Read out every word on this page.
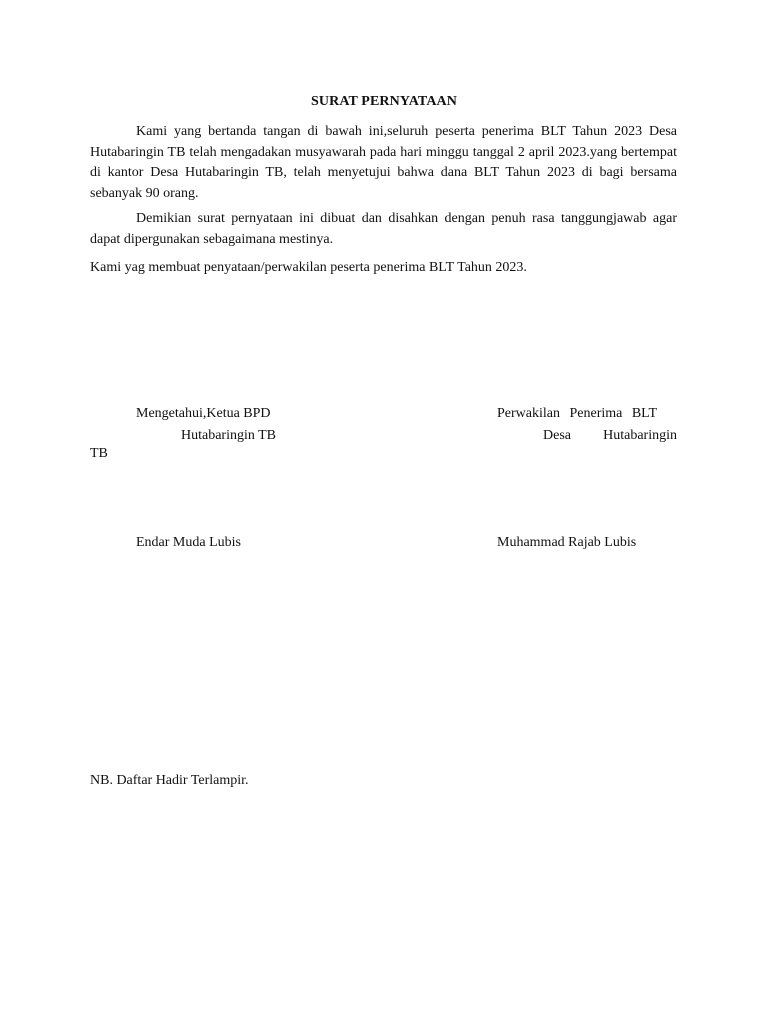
SURAT PERNYATAAN

Kami yang bertanda tangan di bawah ini,seluruh peserta penerima BLT Tahun 2023 Desa Hutabaringin TB telah mengadakan musyawarah pada hari minggu tanggal 2 april 2023.yang bertempat di kantor Desa Hutabaringin TB, telah menyetujui bahwa dana BLT Tahun 2023 di bagi bersama sebanyak 90 orang.

Demikian surat pernyataan ini dibuat dan disahkan dengan penuh rasa tanggungjawab agar dapat dipergunakan sebagaimana mestinya.

Kami yag membuat penyataan/perwakilan peserta penerima BLT Tahun 2023.

Mengetahui,Ketua BPD

Hutabaringin TB

TB

Perwakilan Penerima BLT

Desa Hutabaringin

Endar Muda Lubis	Muhammad Rajab Lubis

NB. Daftar Hadir Terlampir.
